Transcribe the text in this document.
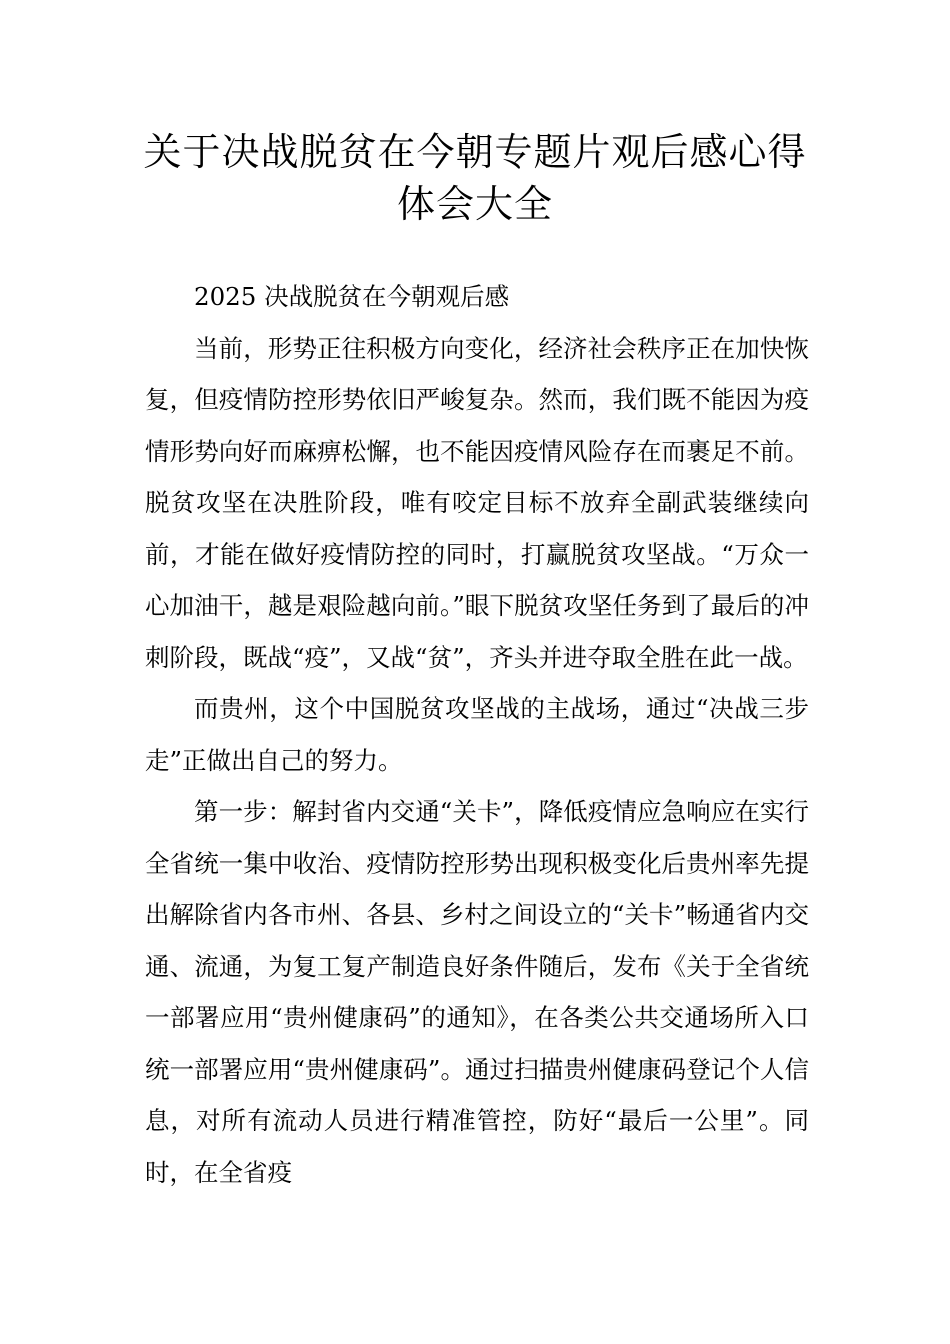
关于决战脱贫在今朝专题片观后感心得
体会大全

2025 决战脱贫在今朝观后感

当前，形势正往积极方向变化，经济社会秩序正在加快恢复，但疫情防控形势依旧严峻复杂。然而，我们既不能因为疫情形势向好而麻痹松懈，也不能因疫情风险存在而裹足不前。脱贫攻坚在决胜阶段，唯有咬定目标不放弃全副武装继续向前，才能在做好疫情防控的同时，打赢脱贫攻坚战。“万众一心加油干，越是艰险越向前。”眼下脱贫攻坚任务到了最后的冲刺阶段，既战“疫”，又战“贫”，齐头并进夺取全胜在此一战。

而贵州，这个中国脱贫攻坚战的主战场，通过“决战三步走”正做出自己的努力。

第一步：解封省内交通“关卡”，降低疫情应急响应在实行全省统一集中收治、疫情防控形势出现积极变化后贵州率先提出解除省内各市州、各县、乡村之间设立的“关卡”畅通省内交通、流通，为复工复产制造良好条件随后，发布《关于全省统一部署应用“贵州健康码”的通知》，在各类公共交通场所入口统一部署应用“贵州健康码”。通过扫描贵州健康码登记个人信息，对所有流动人员进行精准管控，防好“最后一公里”。同时，在全省疫
